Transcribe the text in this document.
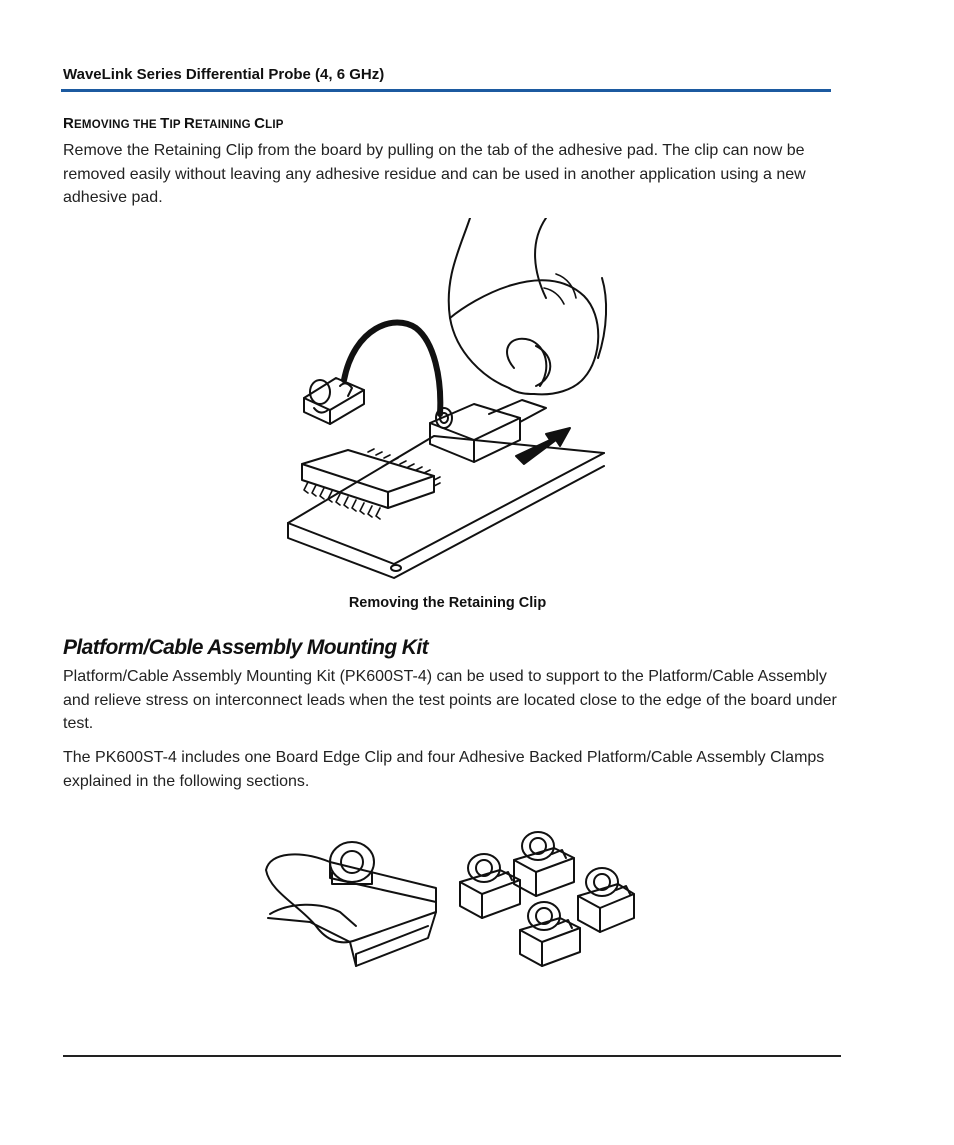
WaveLink Series Differential Probe (4, 6 GHz)
REMOVING THE TIP RETAINING CLIP

Remove the Retaining Clip from the board by pulling on the tab of the adhesive pad. The clip can now be removed easily without leaving any adhesive residue and can be used in another application using a new adhesive pad.

Removing the Retaining Clip
Platform/Cable Assembly Mounting Kit

Platform/Cable Assembly Mounting Kit (PK600ST-4) can be used to support to the Platform/Cable Assembly and relieve stress on interconnect leads when the test points are located close to the edge of the board under test.

The PK600ST-4 includes one Board Edge Clip and four Adhesive Backed Platform/Cable Assembly Clamps explained in the following sections.
